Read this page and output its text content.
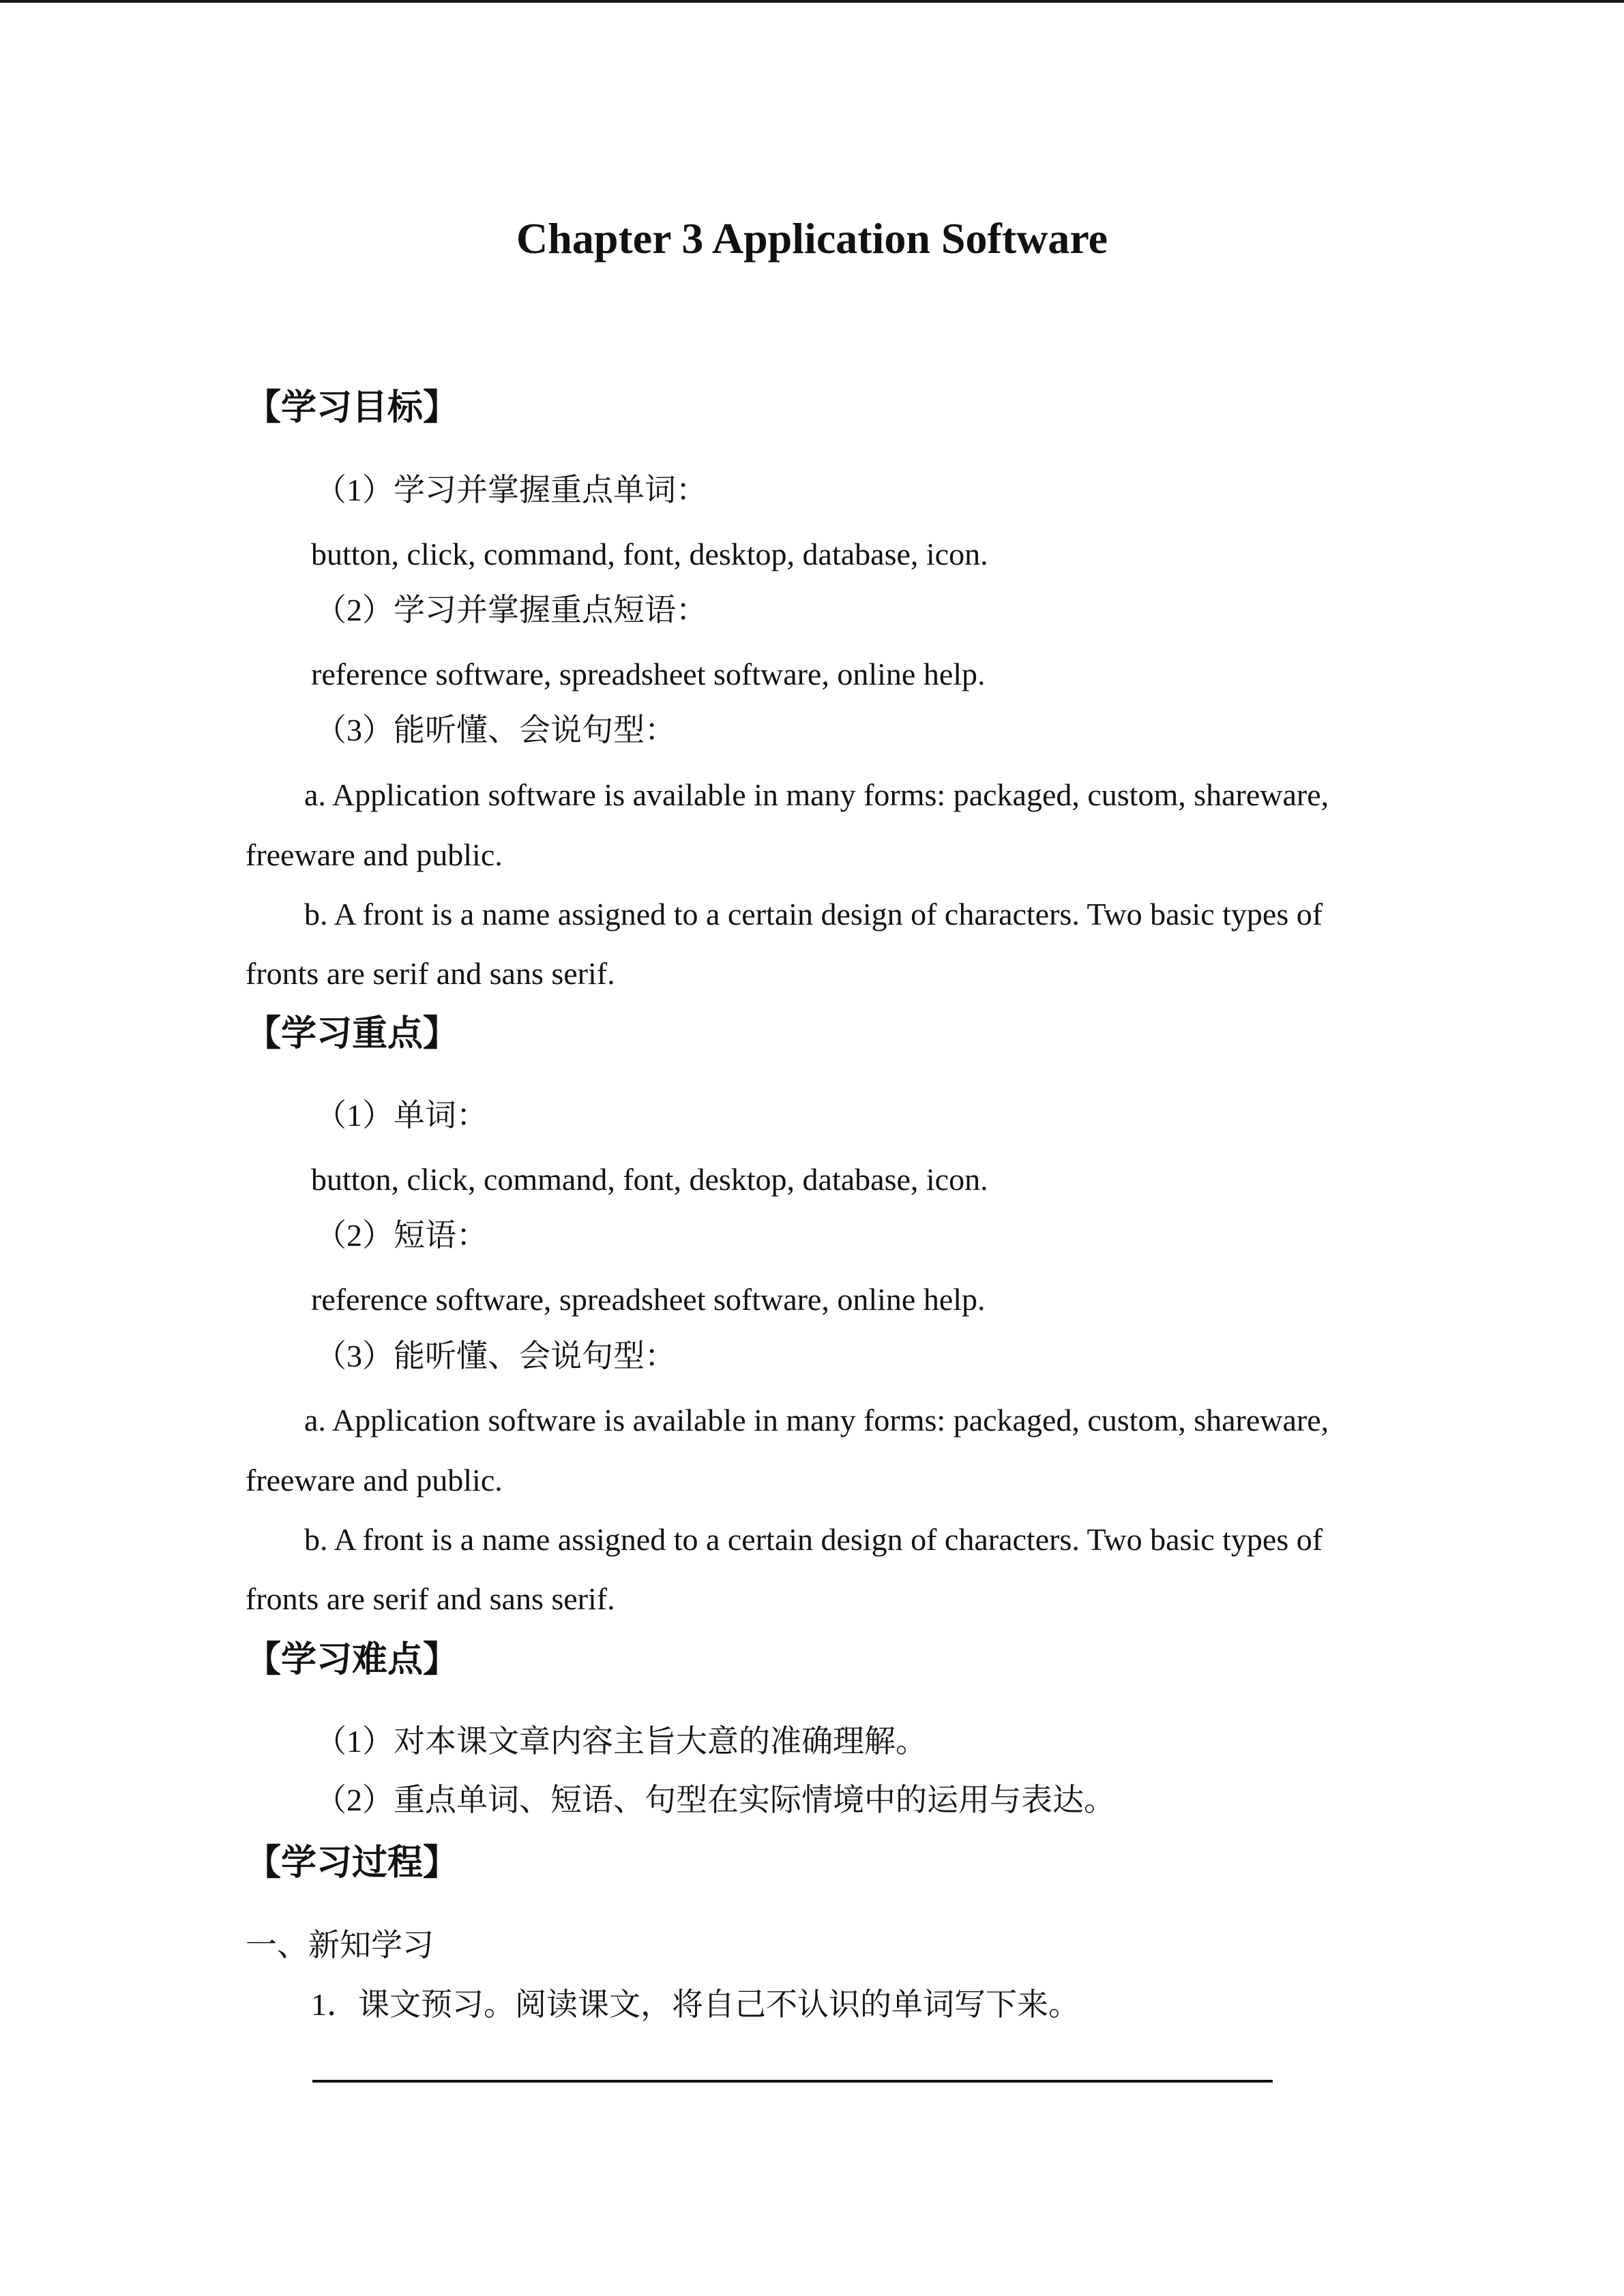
Chapter 3 Application Software
【学习目标】
（1）学习并掌握重点单词：
button, click, command, font, desktop, database, icon.
（2）学习并掌握重点短语：
reference software, spreadsheet software, online help.
（3）能听懂、会说句型：
a. Application software is available in many forms: packaged, custom, shareware,
freeware and public.
b. A front is a name assigned to a certain design of characters. Two basic types of
fronts are serif and sans serif.
【学习重点】
（1）单词：
button, click, command, font, desktop, database, icon.
（2）短语：
reference software, spreadsheet software, online help.
（3）能听懂、会说句型：
a. Application software is available in many forms: packaged, custom, shareware,
freeware and public.
b. A front is a name assigned to a certain design of characters. Two basic types of
fronts are serif and sans serif.
【学习难点】
（1）对本课文章内容主旨大意的准确理解。
（2）重点单词、短语、句型在实际情境中的运用与表达。
【学习过程】
一、新知学习
1．课文预习。阅读课文，将自己不认识的单词写下来。
